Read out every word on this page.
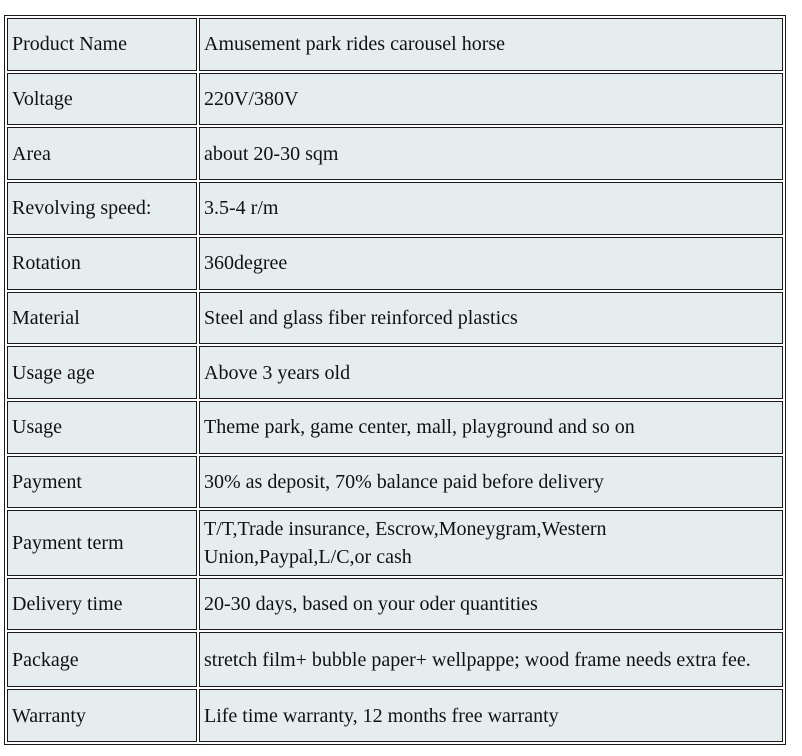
Product Name	Amusement park rides carousel horse
Voltage	220V/380V
Area	about 20-30 sqm
Revolving speed:	3.5-4 r/m
Rotation	360degree
Material	Steel and glass fiber reinforced plastics
Usage age	Above 3 years old
Usage	Theme park, game center, mall, playground and so on
Payment	30% as deposit, 70% balance paid before delivery
Payment term	T/T,Trade insurance, Escrow,Moneygram,Western Union,Paypal,L/C,or cash
Delivery time	20-30 days, based on your oder quantities
Package	stretch film+ bubble paper+ wellpappe; wood frame needs extra fee.
Warranty	Life time warranty, 12 months free warranty
